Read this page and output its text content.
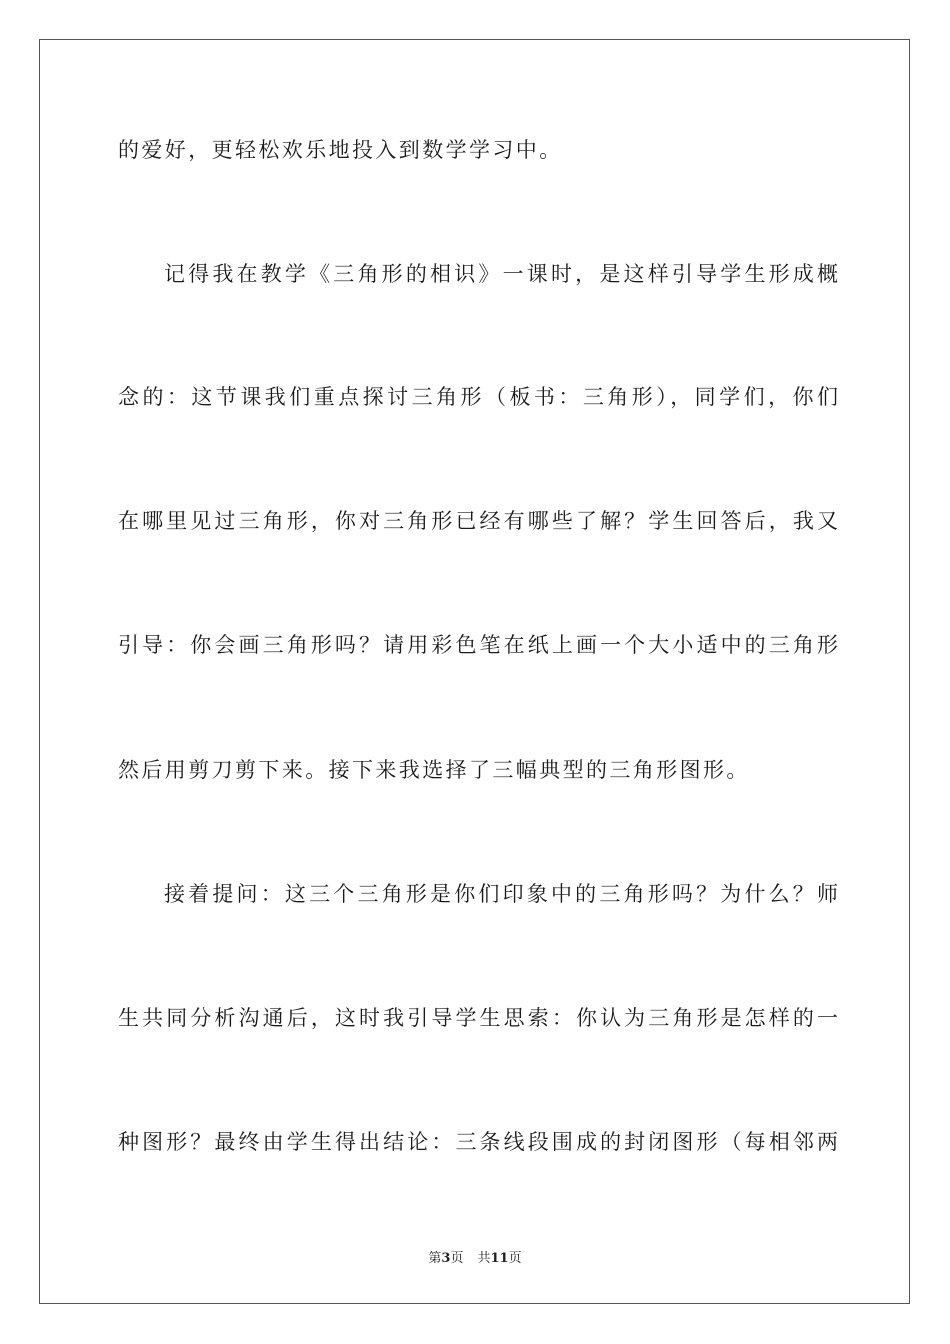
的爱好，更轻松欢乐地投入到数学学习中。
记得我在教学《三角形的相识》一课时，是这样引导学生形成概
念的：这节课我们重点探讨三角形（板书：三角形），同学们，你们
在哪里见过三角形，你对三角形已经有哪些了解？学生回答后，我又
引导：你会画三角形吗？请用彩色笔在纸上画一个大小适中的三角形
然后用剪刀剪下来。接下来我选择了三幅典型的三角形图形。
接着提问：这三个三角形是你们印象中的三角形吗？为什么？师
生共同分析沟通后，这时我引导学生思索：你认为三角形是怎样的一
种图形？最终由学生得出结论：三条线段围成的封闭图形（每相邻两
第3页 共11页
